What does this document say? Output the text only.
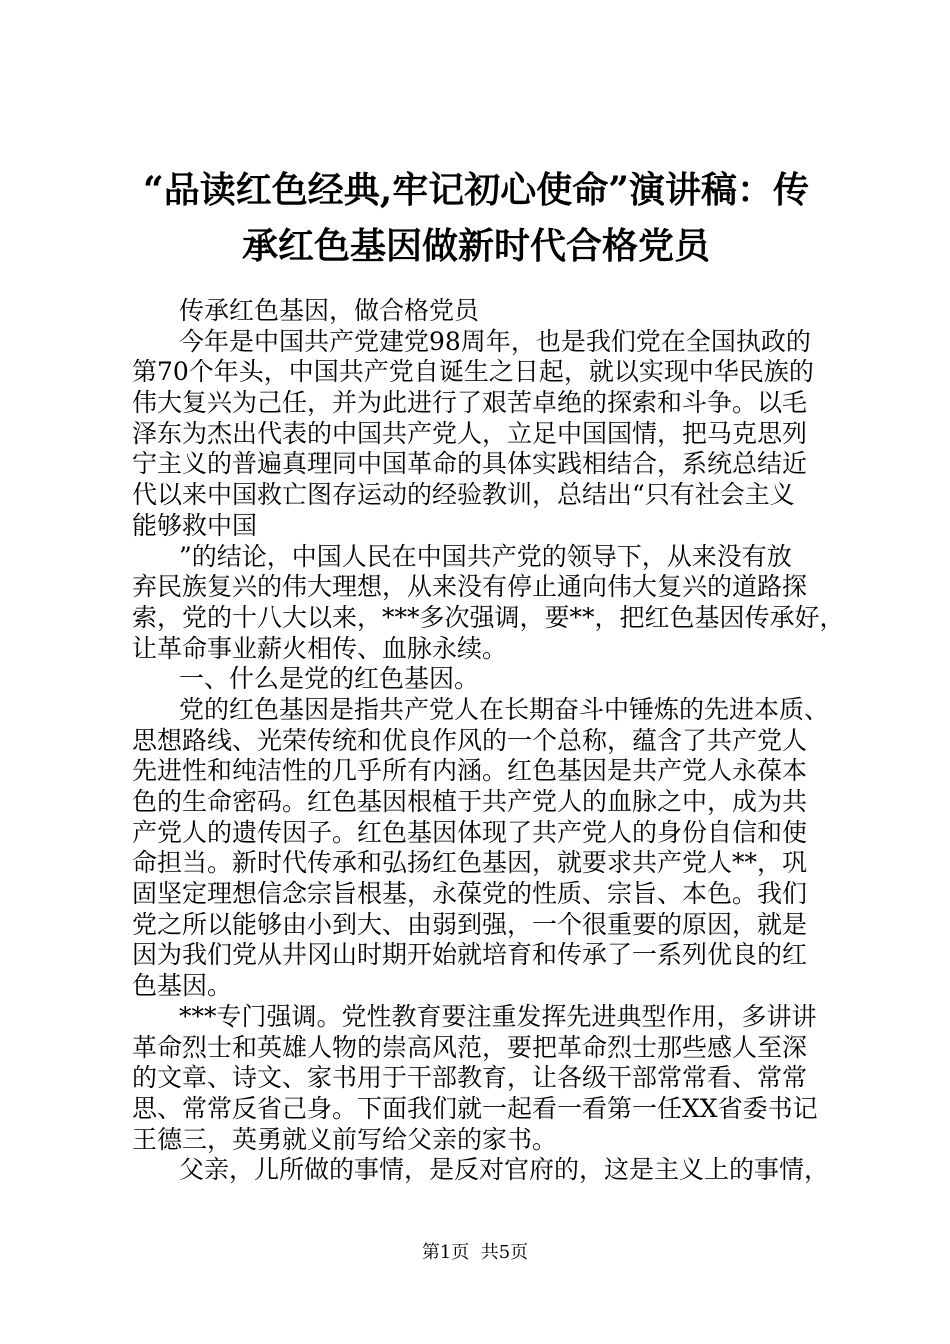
“品读红色经典,牢记初心使命”演讲稿：传
承红色基因做新时代合格党员
传承红色基因，做合格党员
今年是中国共产党建党98周年，也是我们党在全国执政的
第70个年头，中国共产党自诞生之日起，就以实现中华民族的
伟大复兴为己任，并为此进行了艰苦卓绝的探索和斗争。以毛
泽东为杰出代表的中国共产党人，立足中国国情，把马克思列
宁主义的普遍真理同中国革命的具体实践相结合，系统总结近
代以来中国救亡图存运动的经验教训，总结出“只有社会主义
能够救中国
”的结论，中国人民在中国共产党的领导下，从来没有放
弃民族复兴的伟大理想，从来没有停止通向伟大复兴的道路探
索，党的十八大以来，***多次强调，要**，把红色基因传承好，
让革命事业薪火相传、血脉永续。
一、什么是党的红色基因。
党的红色基因是指共产党人在长期奋斗中锤炼的先进本质、
思想路线、光荣传统和优良作风的一个总称，蕴含了共产党人
先进性和纯洁性的几乎所有内涵。红色基因是共产党人永葆本
色的生命密码。红色基因根植于共产党人的血脉之中，成为共
产党人的遗传因子。红色基因体现了共产党人的身份自信和使
命担当。新时代传承和弘扬红色基因，就要求共产党人**，巩
固坚定理想信念宗旨根基，永葆党的性质、宗旨、本色。我们
党之所以能够由小到大、由弱到强，一个很重要的原因，就是
因为我们党从井冈山时期开始就培育和传承了一系列优良的红
色基因。
***专门强调。党性教育要注重发挥先进典型作用，多讲讲
革命烈士和英雄人物的崇高风范，要把革命烈士那些感人至深
的文章、诗文、家书用于干部教育，让各级干部常常看、常常
思、常常反省己身。下面我们就一起看一看第一任XX省委书记
王德三，英勇就义前写给父亲的家书。
父亲，儿所做的事情，是反对官府的，这是主义上的事情，
第1页  共5页
